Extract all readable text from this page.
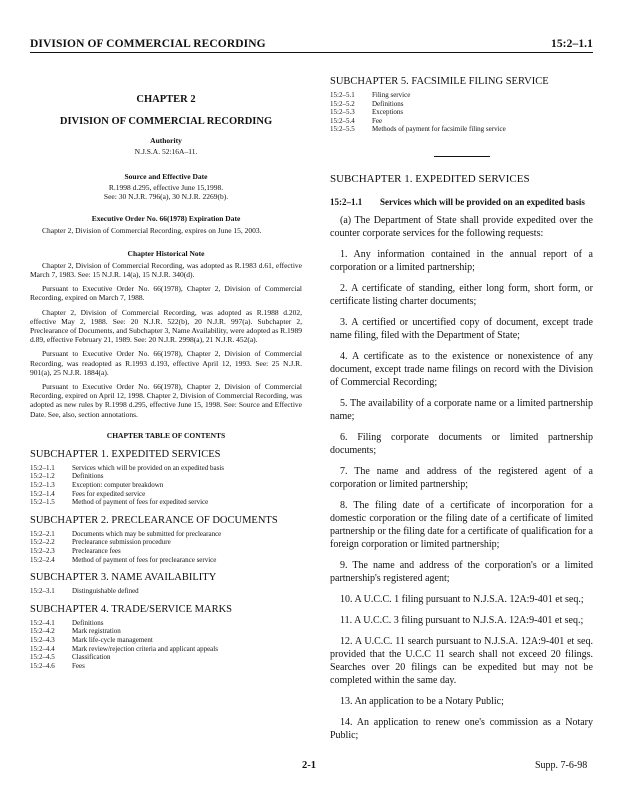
DIVISION OF COMMERCIAL RECORDING	15:2–1.1

CHAPTER 2

DIVISION OF COMMERCIAL RECORDING

Authority

N.J.S.A. 52:16A–11.

Source and Effective Date

R.1998 d.295, effective June 15,1998.

See: 30 N.J.R. 796(a), 30 N.J.R. 2269(b).

Executive Order No. 66(1978) Expiration Date

Chapter 2, Division of Commercial Recording, expires on June 15, 2003.

Chapter Historical Note

Chapter 2, Division of Commercial Recording, was adopted as R.1983 d.61, effective March 7, 1983. See: 15 N.J.R. 14(a), 15 N.J.R. 340(d).

Pursuant to Executive Order No. 66(1978), Chapter 2, Division of Commercial Recording, expired on March 7, 1988.

Chapter 2, Division of Commercial Recording, was adopted as R.1988 d.202, effective May 2, 1988. See: 20 N.J.R. 522(b), 20 N.J.R. 997(a). Subchapter 2, Preclearance of Documents, and Subchapter 3, Name Availability, were adopted as R.1989 d.89, effective February 21, 1989. See: 20 N.J.R. 2998(a), 21 N.J.R. 452(a).

Pursuant to Executive Order No. 66(1978), Chapter 2, Division of Commercial Recording, was readopted as R.1993 d.193, effective April 12, 1993. See: 25 N.J.R. 901(a), 25 N.J.R. 1884(a).

Pursuant to Executive Order No. 66(1978), Chapter 2, Division of Commercial Recording, expired on April 12, 1998. Chapter 2, Division of Commercial Recording, was adopted as new rules by R.1998 d.295, effective June 15, 1998. See: Source and Effective Date. See, also, section annotations.

CHAPTER TABLE OF CONTENTS

SUBCHAPTER 1. EXPEDITED SERVICES

15:2–1.1	Services which will be provided on an expedited basis
15:2–1.2	Definitions
15:2–1.3	Exception: computer breakdown
15:2–1.4	Fees for expedited service
15:2–1.5	Method of payment of fees for expedited service

SUBCHAPTER 2. PRECLEARANCE OF DOCUMENTS

15:2–2.1	Documents which may be submitted for preclearance
15:2–2.2	Preclearance submission procedure
15:2–2.3	Preclearance fees
15:2–2.4	Method of payment of fees for preclearance service

SUBCHAPTER 3. NAME AVAILABILITY

15:2–3.1	Distinguishable defined

SUBCHAPTER 4. TRADE/SERVICE MARKS

15:2–4.1	Definitions
15:2–4.2	Mark registration
15:2–4.3	Mark life-cycle management
15:2–4.4	Mark review/rejection criteria and applicant appeals
15:2–4.5	Classification
15:2–4.6	Fees

SUBCHAPTER 5. FACSIMILE FILING SERVICE

15:2–5.1	Filing service
15:2–5.2	Definitions
15:2–5.3	Exceptions
15:2–5.4	Fee
15:2–5.5	Methods of payment for facsimile filing service

SUBCHAPTER 1. EXPEDITED SERVICES

15:2–1.1	Services which will be provided on an expedited basis

(a) The Department of State shall provide expedited over the counter corporate services for the following requests:

1. Any information contained in the annual report of a corporation or a limited partnership;

2. A certificate of standing, either long form, short form, or certificate listing charter documents;

3. A certified or uncertified copy of document, except trade name filing, filed with the Department of State;

4. A certificate as to the existence or nonexistence of any document, except trade name filings on record with the Division of Commercial Recording;

5. The availability of a corporate name or a limited partnership name;

6. Filing corporate documents or limited partnership documents;

7. The name and address of the registered agent of a corporation or limited partnership;

8. The filing date of a certificate of incorporation for a domestic corporation or the filing date of a certificate of limited partnership or the filing date for a certificate of qualification for a foreign corporation or limited partnership;

9. The name and address of the corporation's or a limited partnership's registered agent;

10. A U.C.C. 1 filing pursuant to N.J.S.A. 12A:9-401 et seq.;

11. A U.C.C. 3 filing pursuant to N.J.S.A. 12A:9-401 et seq.;

12. A U.C.C. 11 search pursuant to N.J.S.A. 12A:9-401 et seq. provided that the U.C.C 11 search shall not exceed 20 filings. Searches over 20 filings can be expedited but may not be completed within the same day.

13. An application to be a Notary Public;

14. An application to renew one's commission as a Notary Public;

2-1	Supp. 7-6-98
